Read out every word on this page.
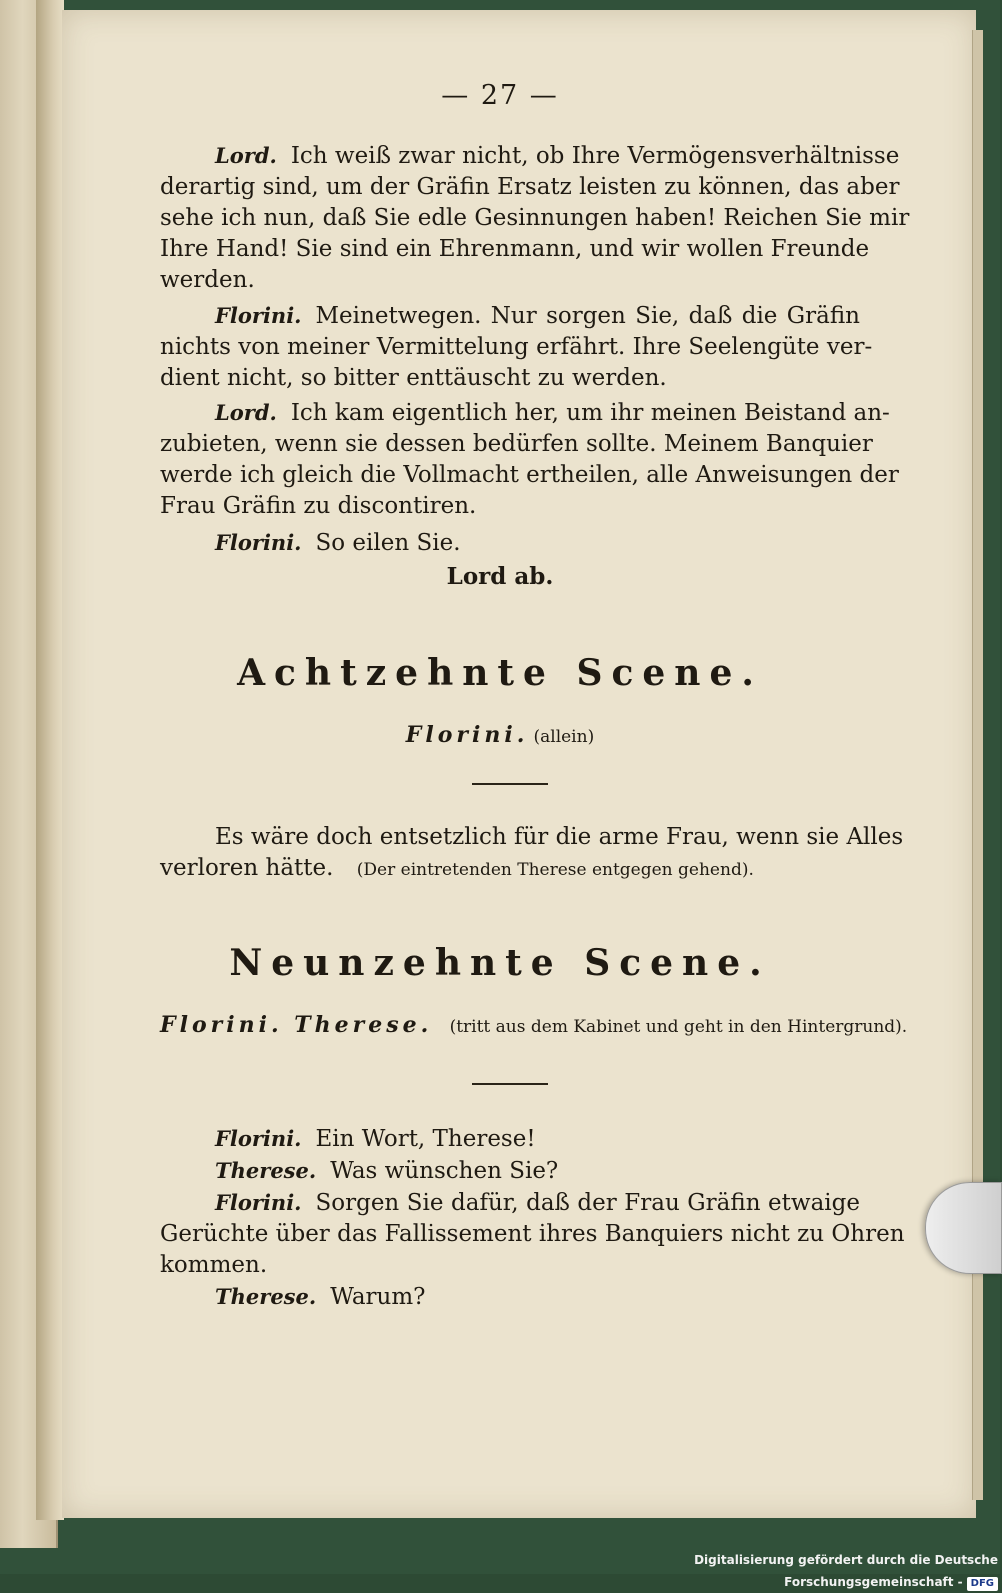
— 27 —
Lord. Ich weiß zwar nicht, ob Ihre Vermögensverhältnisse
derartig sind, um der Gräfin Ersatz leisten zu können, das aber
sehe ich nun, daß Sie edle Gesinnungen haben! Reichen Sie mir
Ihre Hand! Sie sind ein Ehrenmann, und wir wollen Freunde
werden.
Florini. Meinetwegen. Nur sorgen Sie, daß die Gräfin
nichts von meiner Vermittelung erfährt. Ihre Seelengüte ver-
dient nicht, so bitter enttäuscht zu werden.
Lord. Ich kam eigentlich her, um ihr meinen Beistand an-
zubieten, wenn sie dessen bedürfen sollte. Meinem Banquier
werde ich gleich die Vollmacht ertheilen, alle Anweisungen der
Frau Gräfin zu discontiren.
Florini. So eilen Sie.
Lord ab.
Achtzehnte Scene.
Florini. (allein)
Es wäre doch entsetzlich für die arme Frau, wenn sie Alles
verloren hätte. (Der eintretenden Therese entgegen gehend).
Neunzehnte Scene.
Florini. Therese. (tritt aus dem Kabinet und geht in den Hintergrund).
Florini. Ein Wort, Therese!
Therese. Was wünschen Sie?
Florini. Sorgen Sie dafür, daß der Frau Gräfin etwaige
Gerüchte über das Fallissement ihres Banquiers nicht zu Ohren
kommen.
Therese. Warum?
Digitalisierung gefördert durch die Deutsche Forschungsgemeinschaft - DFG
